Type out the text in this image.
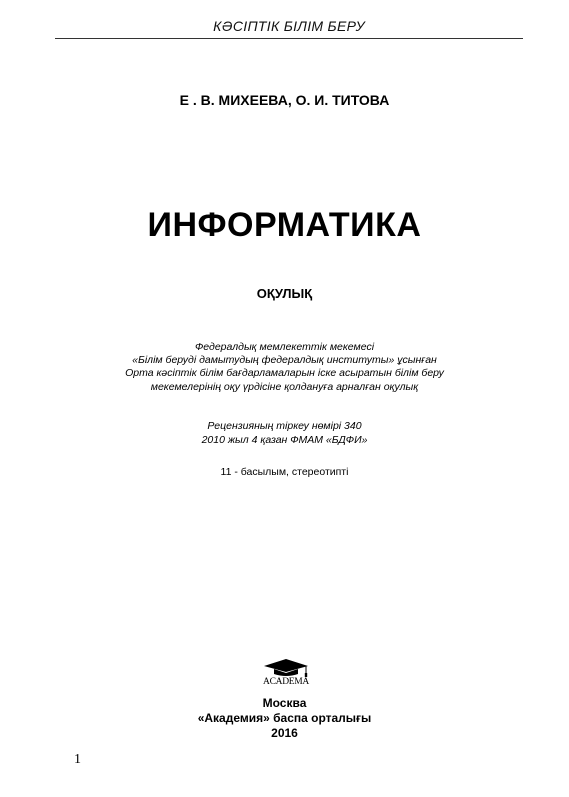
КӘСІПТІК БІЛІМ БЕРУ
Е . В. МИХЕЕВА, О. И. ТИТОВА
ИНФОРМАТИКА
ОҚУЛЫҚ
Федералдық мемлекеттік мекемесі
«Білім беруді дамытудың федералдық институты» ұсынған
Орта кәсіптік білім бағдарламаларын іске асыратын білім беру
мекемелерінің оқу үрдісіне қолдануға арналған оқулық
Рецензияның тіркеу нөмірі 340
2010 жыл 4 қазан ФМАМ «БДФИ»
11 - басылым, стереотипті
ACADEMA
Москва
«Академия» баспа орталығы
2016
1
